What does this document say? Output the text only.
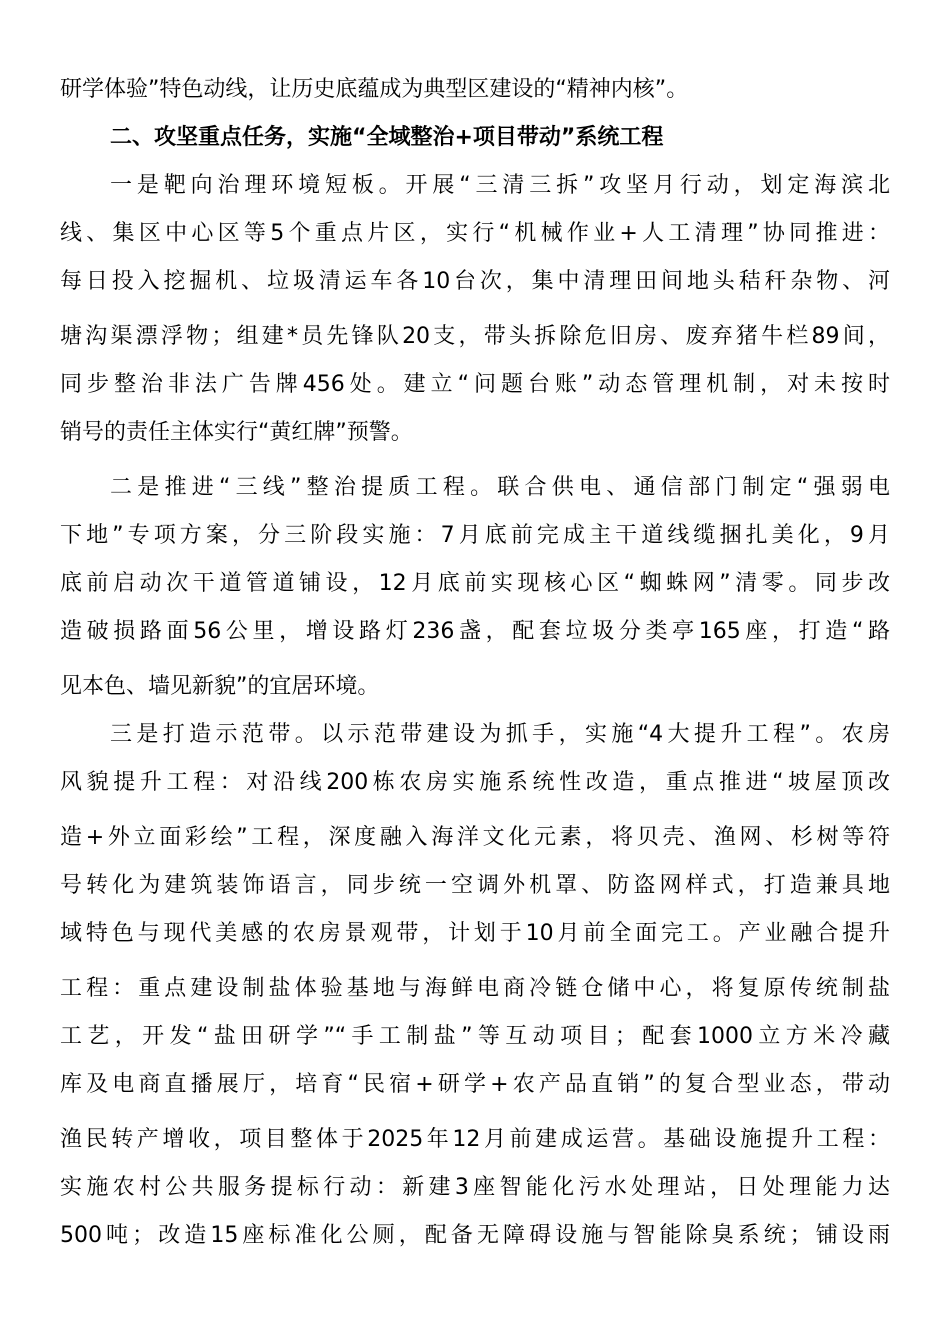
研学体验”特色动线，让历史底蕴成为典型区建设的“精神内核”。
二、攻坚重点任务，实施“全域整治+项目带动”系统工程
一是靶向治理环境短板。开展“三清三拆”攻坚月行动，划定海滨北
线、集区中心区等5个重点片区，实行“机械作业+人工清理”协同推进：
每日投入挖掘机、垃圾清运车各10台次，集中清理田间地头秸秆杂物、河
塘沟渠漂浮物；组建*员先锋队20支，带头拆除危旧房、废弃猪牛栏89间，
同步整治非法广告牌456处。建立“问题台账”动态管理机制，对未按时
销号的责任主体实行“黄红牌”预警。
二是推进“三线”整治提质工程。联合供电、通信部门制定“强弱电
下地”专项方案，分三阶段实施：7月底前完成主干道线缆捆扎美化，9月
底前启动次干道管道铺设，12月底前实现核心区“蜘蛛网”清零。同步改
造破损路面56公里，增设路灯236盏，配套垃圾分类亭165座，打造“路
见本色、墙见新貌”的宜居环境。
三是打造示范带。以示范带建设为抓手，实施“4大提升工程”。农房
风貌提升工程：对沿线200栋农房实施系统性改造，重点推进“坡屋顶改
造+外立面彩绘”工程，深度融入海洋文化元素，将贝壳、渔网、杉树等符
号转化为建筑装饰语言，同步统一空调外机罩、防盗网样式，打造兼具地
域特色与现代美感的农房景观带，计划于10月前全面完工。产业融合提升
工程：重点建设制盐体验基地与海鲜电商冷链仓储中心，将复原传统制盐
工艺，开发“盐田研学”“手工制盐”等互动项目；配套1000立方米冷藏
库及电商直播展厅，培育“民宿+研学+农产品直销”的复合型业态，带动
渔民转产增收，项目整体于2025年12月前建成运营。基础设施提升工程：
实施农村公共服务提标行动：新建3座智能化污水处理站，日处理能力达
500吨；改造15座标准化公厕，配备无障碍设施与智能除臭系统；铺设雨
